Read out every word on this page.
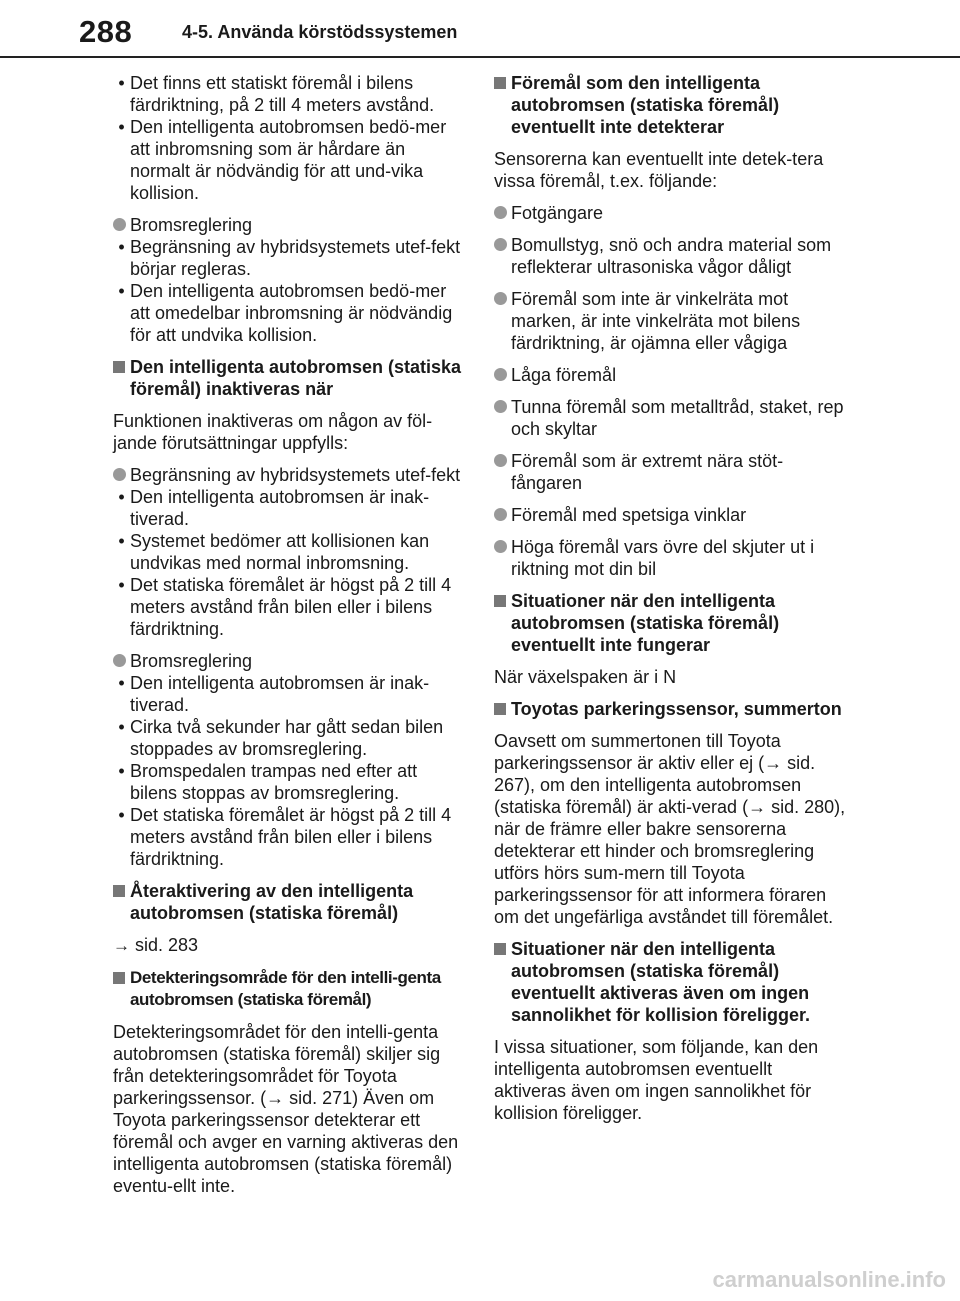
288	4-5. Använda körstödssystemen
• Det finns ett statiskt föremål i bilens färdriktning, på 2 till 4 meters avstånd.
• Den intelligenta autobromsen bedö-mer att inbromsning som är hårdare än normalt är nödvändig för att und-vika kollision.
Bromsreglering
• Begränsning av hybridsystemets utef-fekt börjar regleras.
• Den intelligenta autobromsen bedö-mer att omedelbar inbromsning är nödvändig för att undvika kollision.
Den intelligenta autobromsen (statiska föremål) inaktiveras när
Funktionen inaktiveras om någon av föl-jande förutsättningar uppfylls:
Begränsning av hybridsystemets utef-fekt
• Den intelligenta autobromsen är inak-tiverad.
• Systemet bedömer att kollisionen kan undvikas med normal inbromsning.
• Det statiska föremålet är högst på 2 till 4 meters avstånd från bilen eller i bilens färdriktning.
Bromsreglering
• Den intelligenta autobromsen är inak-tiverad.
• Cirka två sekunder har gått sedan bilen stoppades av bromsreglering.
• Bromspedalen trampas ned efter att bilens stoppas av bromsreglering.
• Det statiska föremålet är högst på 2 till 4 meters avstånd från bilen eller i bilens färdriktning.
Återaktivering av den intelligenta autobromsen (statiska föremål)
→ sid. 283
Detekteringsområde för den intelli-genta autobromsen (statiska föremål)
Detekteringsområdet för den intelli-genta autobromsen (statiska föremål) skiljer sig från detekteringsområdet för Toyota parkeringssensor. (→ sid. 271) Även om Toyota parkeringssensor detekterar ett föremål och avger en varning aktiveras den intelligenta autobromsen (statiska föremål) eventu-ellt inte.
Föremål som den intelligenta autobromsen (statiska föremål) eventuellt inte detekterar
Sensorerna kan eventuellt inte detek-tera vissa föremål, t.ex. följande:
Fotgängare
Bomullstyg, snö och andra material som reflekterar ultrasoniska vågor dåligt
Föremål som inte är vinkelräta mot marken, är inte vinkelräta mot bilens färdriktning, är ojämna eller vågiga
Låga föremål
Tunna föremål som metalltråd, staket, rep och skyltar
Föremål som är extremt nära stöt-fångaren
Föremål med spetsiga vinklar
Höga föremål vars övre del skjuter ut i riktning mot din bil
Situationer när den intelligenta autobromsen (statiska föremål) eventuellt inte fungerar
När växelspaken är i N
Toyotas parkeringssensor, summerton
Oavsett om summertonen till Toyota parkeringssensor är aktiv eller ej (→ sid. 267), om den intelligenta autobromsen (statiska föremål) är akti-verad (→ sid. 280), när de främre eller bakre sensorerna detekterar ett hinder och bromsreglering utförs hörs sum-mern till Toyota parkeringssensor för att informera föraren om det ungefärliga avståndet till föremålet.
Situationer när den intelligenta autobromsen (statiska föremål) eventuellt aktiveras även om ingen sannolikhet för kollision föreligger.
I vissa situationer, som följande, kan den intelligenta autobromsen eventuellt aktiveras även om ingen sannolikhet för kollision föreligger.
carmanualsonline.info
